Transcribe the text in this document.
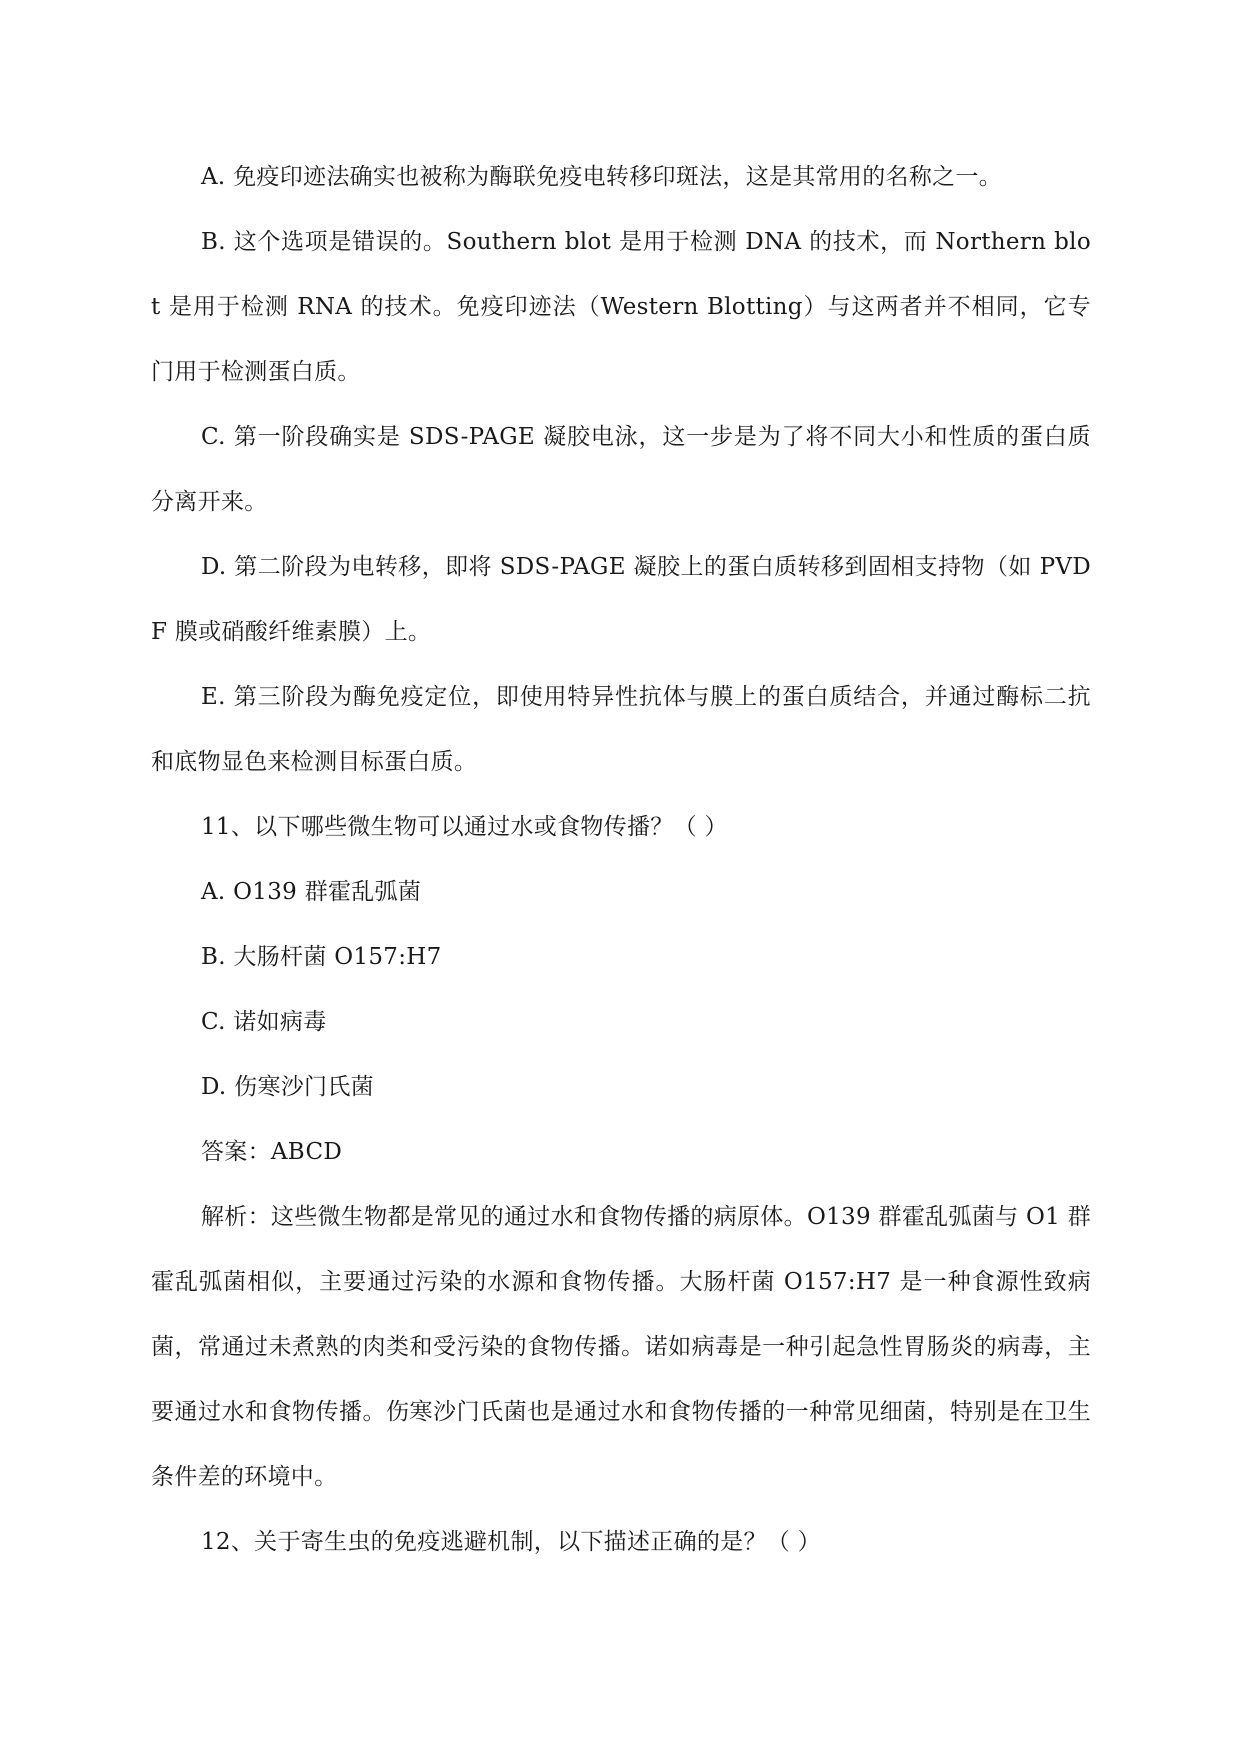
A. 免疫印迹法确实也被称为酶联免疫电转移印斑法，这是其常用的名称之一。

B. 这个选项是错误的。Southern blot 是用于检测 DNA 的技术，而 Northern blot 是用于检测 RNA 的技术。免疫印迹法（Western Blotting）与这两者并不相同，它专门用于检测蛋白质。

C. 第一阶段确实是 SDS-PAGE 凝胶电泳，这一步是为了将不同大小和性质的蛋白质分离开来。

D. 第二阶段为电转移，即将 SDS-PAGE 凝胶上的蛋白质转移到固相支持物（如 PVDF 膜或硝酸纤维素膜）上。

E. 第三阶段为酶免疫定位，即使用特异性抗体与膜上的蛋白质结合，并通过酶标二抗和底物显色来检测目标蛋白质。

11、以下哪些微生物可以通过水或食物传播？（ ）

A. O139 群霍乱弧菌

B. 大肠杆菌 O157:H7

C. 诺如病毒

D. 伤寒沙门氏菌

答案：ABCD

解析：这些微生物都是常见的通过水和食物传播的病原体。O139 群霍乱弧菌与 O1 群霍乱弧菌相似，主要通过污染的水源和食物传播。大肠杆菌 O157:H7 是一种食源性致病菌，常通过未煮熟的肉类和受污染的食物传播。诺如病毒是一种引起急性胃肠炎的病毒，主要通过水和食物传播。伤寒沙门氏菌也是通过水和食物传播的一种常见细菌，特别是在卫生条件差的环境中。

12、关于寄生虫的免疫逃避机制，以下描述正确的是？（ ）
